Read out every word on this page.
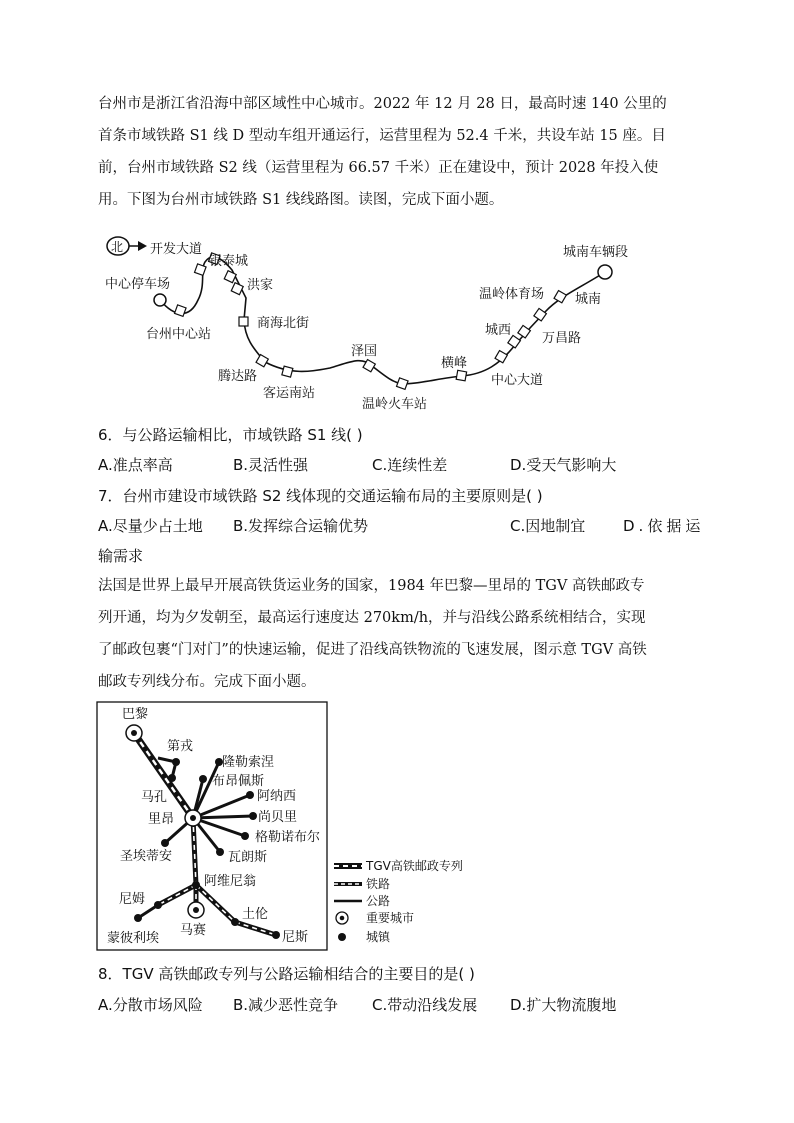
台州市是浙江省沿海中部区域性中心城市。2022 年 12 月 28 日，最高时速 140 公里的
首条市域铁路 S1 线 D 型动车组开通运行，运营里程为 52.4 千米，共设车站 15 座。目
前，台州市域铁路 S2 线（运营里程为 66.57 千米）正在建设中，预计 2028 年投入使
用。下图为台州市域铁路 S1 线线路图。读图，完成下面小题。
北 开发大道
银泰城
洪家
中心停车场
台州中心站
商海北街
腾达路
客运南站
泽国
温岭火车站
横峰
中心大道
城西
万昌路
温岭体育场 城南
城南车辆段
6．与公路运输相比，市域铁路 S1 线( )
A.准点率高	B.灵活性强	C.连续性差	D.受天气影响大
7．台州市建设市域铁路 S2 线体现的交通运输布局的主要原则是( )
A.尽量少占土地 B.发挥综合运输优势	C.因地制宜	D.依据运
输需求
法国是世界上最早开展高铁货运业务的国家，1984 年巴黎—里昂的 TGV 高铁邮政专
列开通，均为夕发朝至，最高运行速度达 270km/h，并与沿线公路系统相结合，实现
了邮政包裹“门对门”的快速运输，促进了沿线高铁物流的飞速发展，图示意 TGV 高铁
邮政专列线分布。完成下面小题。
巴黎
第戎
隆勒索涅
布昂佩斯
马孔	阿纳西
里昂	尚贝里
格勒诺布尔
圣埃蒂安	瓦朗斯
阿维尼翁
尼姆
土伦
蒙彼利埃
马赛	尼斯
TGV高铁邮政专列
铁路
公路
重要城市
城镇
8．TGV 高铁邮政专列与公路运输相结合的主要目的是( )
A.分散市场风险 B.减少恶性竞争 C.带动沿线发展 D.扩大物流腹地
